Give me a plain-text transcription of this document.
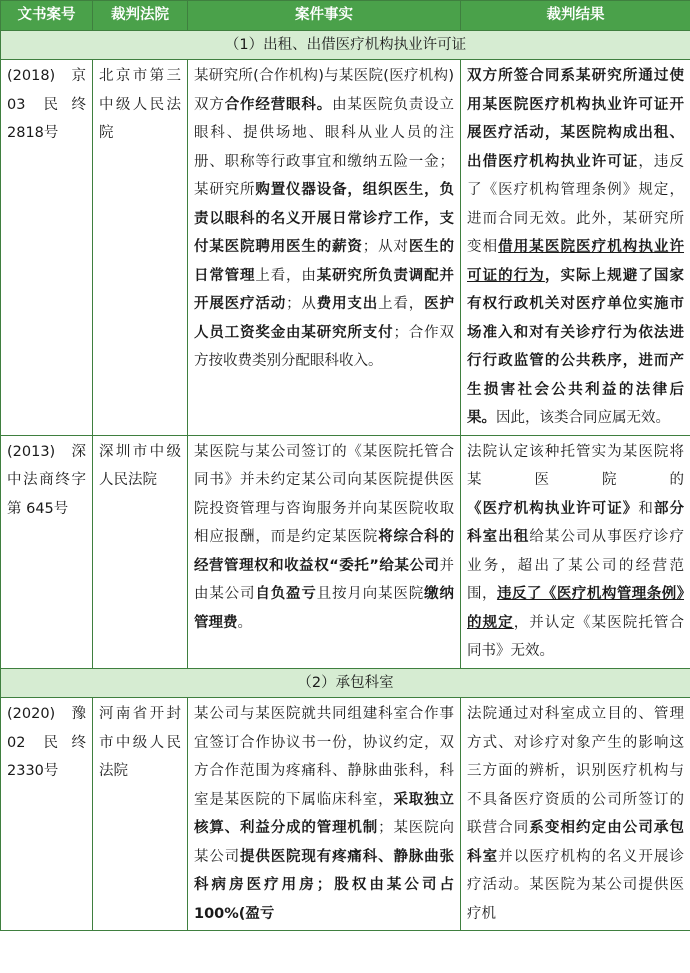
文书案号	裁判法院	案件事实	裁判结果
（1）出租、出借医疗机构执业许可证			
(2018) 京03 民终2818号	北京市第三中级人民法院	某研究所(合作机构)与某医院(医疗机构)双方合作经营眼科。由某医院负责设立眼科、提供场地、眼科从业人员的注册、职称等行政事宜和缴纳五险一金；某研究所购置仪器设备，组织医生，负责以眼科的名义开展日常诊疗工作，支付某医院聘用医生的薪资；从对医生的日常管理上看，由某研究所负责调配并开展医疗活动；从费用支出上看，医护人员工资奖金由某研究所支付；合作双方按收费类别分配眼科收入。	双方所签合同系某研究所通过使用某医院医疗机构执业许可证开展医疗活动，某医院构成出租、出借医疗机构执业许可证，违反了《医疗机构管理条例》规定，进而合同无效。此外，某研究所变相借用某医院医疗机构执业许可证的行为，实际上规避了国家有权行政机关对医疗单位实施市场准入和对有关诊疗行为依法进行行政监管的公共秩序，进而产生损害社会公共利益的法律后果。因此，该类合同应属无效。
(2013) 深中法商终字第 645号	深圳市中级人民法院	某医院与某公司签订的《某医院托管合同书》并未约定某公司向某医院提供医院投资管理与咨询服务并向某医院收取相应报酬，而是约定某医院将综合科的经营管理权和收益权“委托”给某公司并由某公司自负盈亏且按月向某医院缴纳管理费。	法院认定该种托管实为某医院将某医院的《医疗机构执业许可证》和部分科室出租给某公司从事医疗诊疗业务，超出了某公司的经营范围，违反了《医疗机构管理条例》的规定，并认定《某医院托管合同书》无效。
（2）承包科室			
(2020) 豫02 民终2330号	河南省开封市中级人民法院	某公司与某医院就共同组建科室合作事宜签订合作协议书一份，协议约定，双方合作范围为疼痛科、静脉曲张科，科室是某医院的下属临床科室，采取独立核算、利益分成的管理机制；某医院向某公司提供医院现有疼痛科、静脉曲张科病房医疗用房；股权由某公司占 100%(盈亏	法院通过对科室成立目的、管理方式、对诊疗对象产生的影响这三方面的辨析，识别医疗机构与不具备医疗资质的公司所签订的联营合同系变相约定由公司承包科室并以医疗机构的名义开展诊疗活动。某医院为某公司提供医疗机
